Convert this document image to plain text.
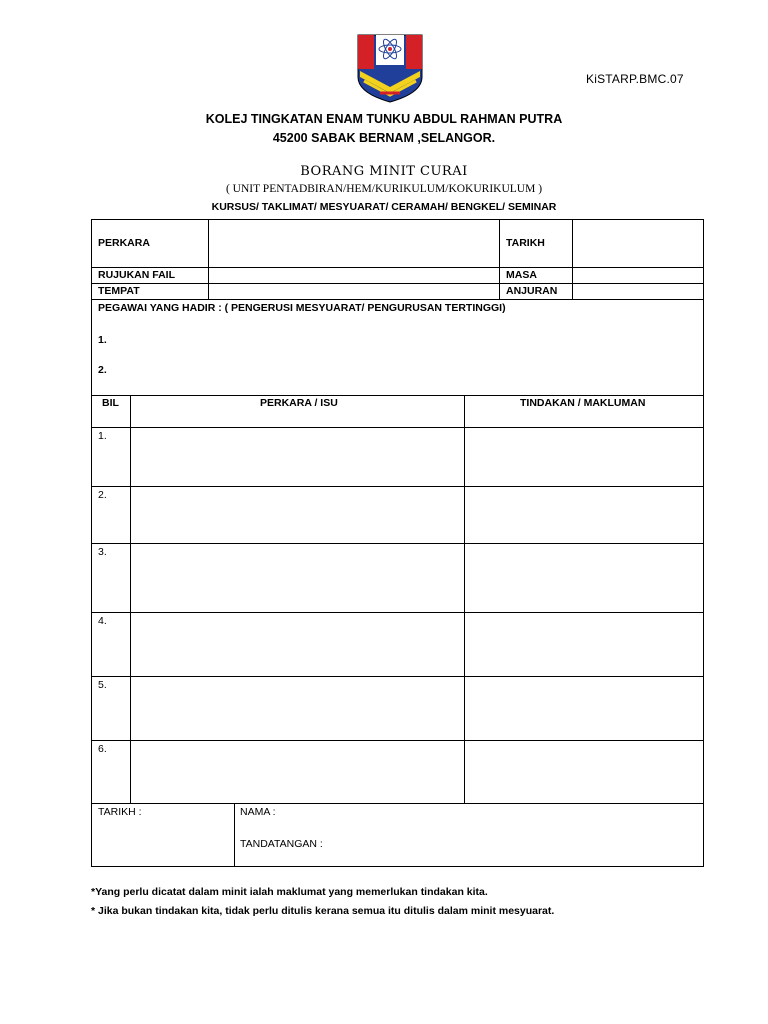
KiSTARP.BMC.07
KOLEJ TINGKATAN ENAM TUNKU ABDUL RAHMAN PUTRA
45200 SABAK BERNAM ,SELANGOR.
BORANG MINIT CURAI
( UNIT PENTADBIRAN/HEM/KURIKULUM/KOKURIKULUM )
KURSUS/ TAKLIMAT/ MESYUARAT/ CERAMAH/ BENGKEL/ SEMINAR
PERKARA	TARIKH
RUJUKAN FAIL	MASA
TEMPAT	ANJURAN
PEGAWAI YANG HADIR : ( PENGERUSI MESYUARAT/ PENGURUSAN TERTINGGI)
1.
2.
BIL	PERKARA / ISU	TINDAKAN / MAKLUMAN
1.
2.
3.
4.
5.
6.
TARIKH :	NAMA :
TANDATANGAN :
*Yang perlu dicatat dalam minit ialah maklumat yang memerlukan tindakan kita.
* Jika bukan tindakan kita, tidak perlu ditulis kerana semua itu ditulis dalam minit mesyuarat.
